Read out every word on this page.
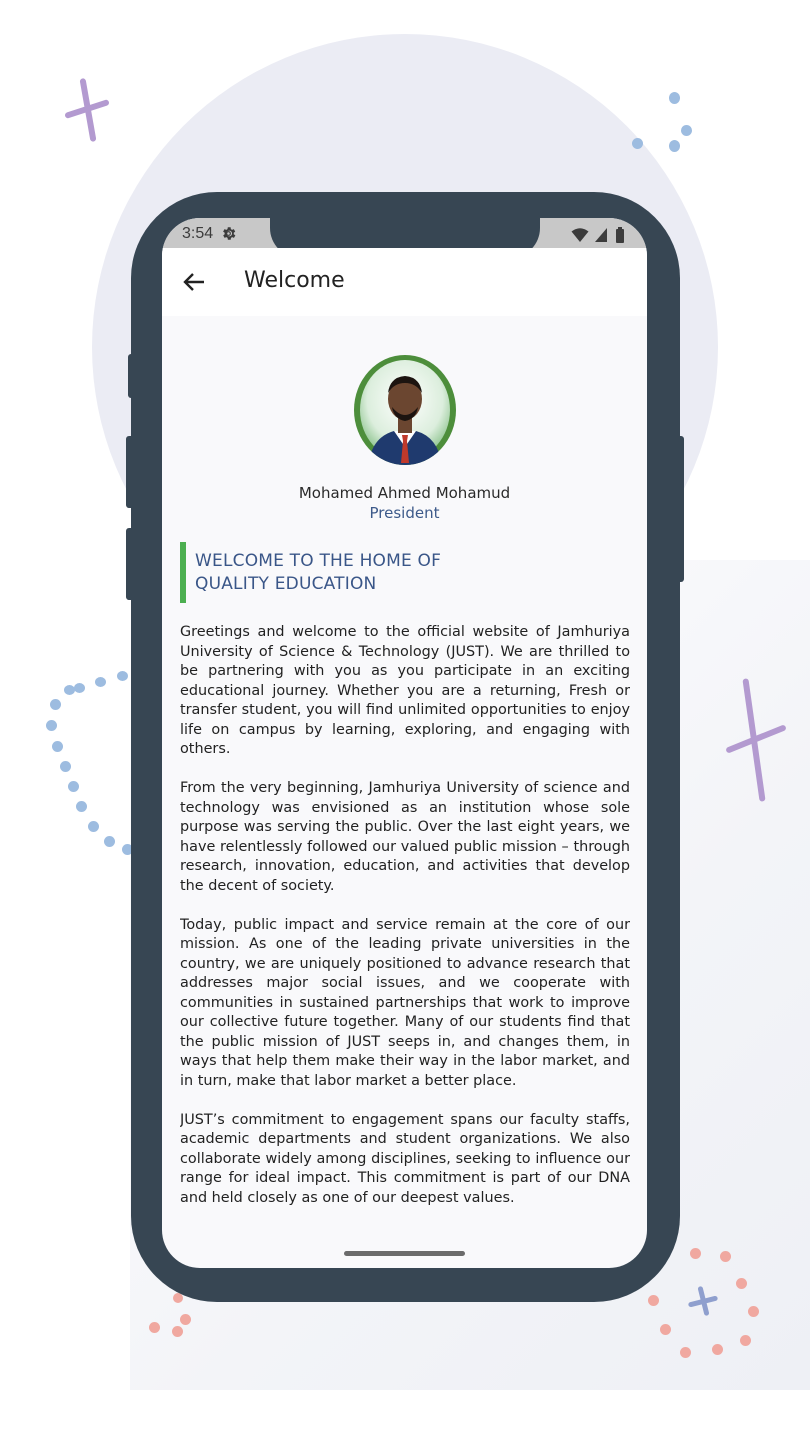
3:54

Welcome
Mohamed Ahmed Mohamud
President
WELCOME TO THE HOME OF
QUALITY EDUCATION

Greetings and welcome to the official website of Jamhuriya University of Science & Technology (JUST). We are thrilled to be partnering with you as you participate in an exciting educational journey. Whether you are a returning, Fresh or transfer student, you will find unlimited opportunities to enjoy life on campus by learning, exploring, and engaging with others.

From the very beginning, Jamhuriya University of science and technology was envisioned as an institution whose sole purpose was serving the public. Over the last eight years, we have relentlessly followed our valued public mission – through research, innovation, education, and activities that develop the decent of society.

Today, public impact and service remain at the core of our mission. As one of the leading private universities in the country, we are uniquely positioned to advance research that addresses major social issues, and we cooperate with communities in sustained partnerships that work to improve our collective future together. Many of our students find that the public mission of JUST seeps in, and changes them, in ways that help them make their way in the labor market, and in turn, make that labor market a better place.

JUST’s commitment to engagement spans our faculty staffs, academic departments and student organizations. We also collaborate widely among disciplines, seeking to influence our range for ideal impact. This commitment is part of our DNA and held closely as one of our deepest values.
